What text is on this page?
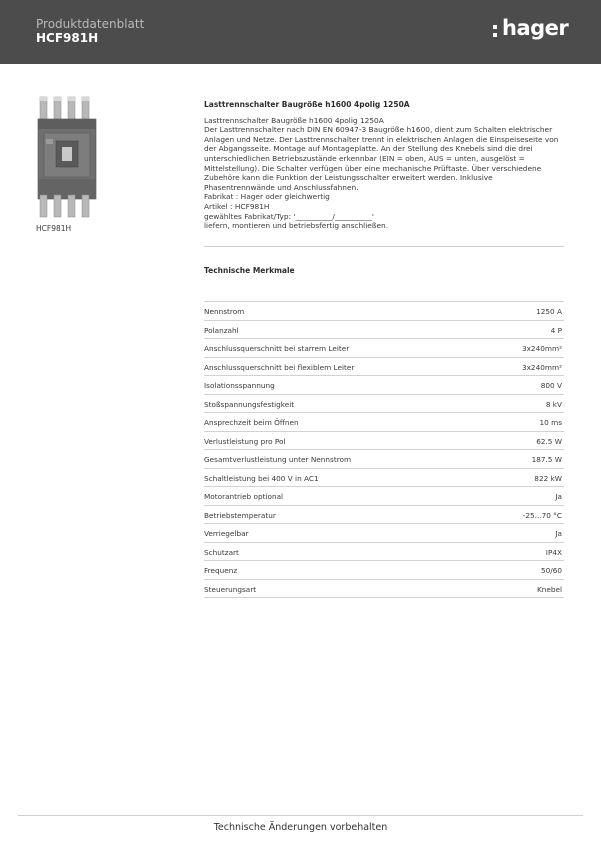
Produktdatenblatt
HCF981H	hager
HCF981H
Lasttrennschalter Baugröße h1600 4polig 1250A

Lasttrennschalter Baugröße h1600 4polig 1250A

Der Lasttrennschalter nach DIN EN 60947-3 Baugröße h1600, dient zum Schalten elektrischer Anlagen und Netze. Der Lasttrennschalter trennt in elektrischen Anlagen die Einspeiseseite von der Abgangsseite. Montage auf Montageplatte. An der Stellung des Knebels sind die drei unterschiedlichen Betriebszustände erkennbar (EIN = oben, AUS = unten, ausgelöst = Mittelstellung). Die Schalter verfügen über eine mechanische Prüftaste. Über verschiedene Zubehöre kann die Funktion der Leistungsschalter erweitert werden. Inklusive Phasentrennwände und Anschlussfahnen.

Fabrikat : Hager oder gleichwertig

Artikel : HCF981H

gewähltes Fabrikat/Typ: '__________/__________'

liefern, montieren und betriebsfertig anschließen.

Technische Merkmale
Nennstrom	1250 A
Polanzahl	4 P
Anschlussquerschnitt bei starrem Leiter	3x240mm²
Anschlussquerschnitt bei flexiblem Leiter	3x240mm²
Isolationsspannung	800 V
Stoßspannungsfestigkeit	8 kV
Ansprechzeit beim Öffnen	10 ms
Verlustleistung pro Pol	62.5 W
Gesamtverlustleistung unter Nennstrom	187.5 W
Schaltleistung bei 400 V in AC1	822 kW
Motorantrieb optional	Ja
Betriebstemperatur	-25...70 °C
Verriegelbar	Ja
Schutzart	IP4X
Frequenz	50/60
Steuerungsart	Knebel
Technische Änderungen vorbehalten
